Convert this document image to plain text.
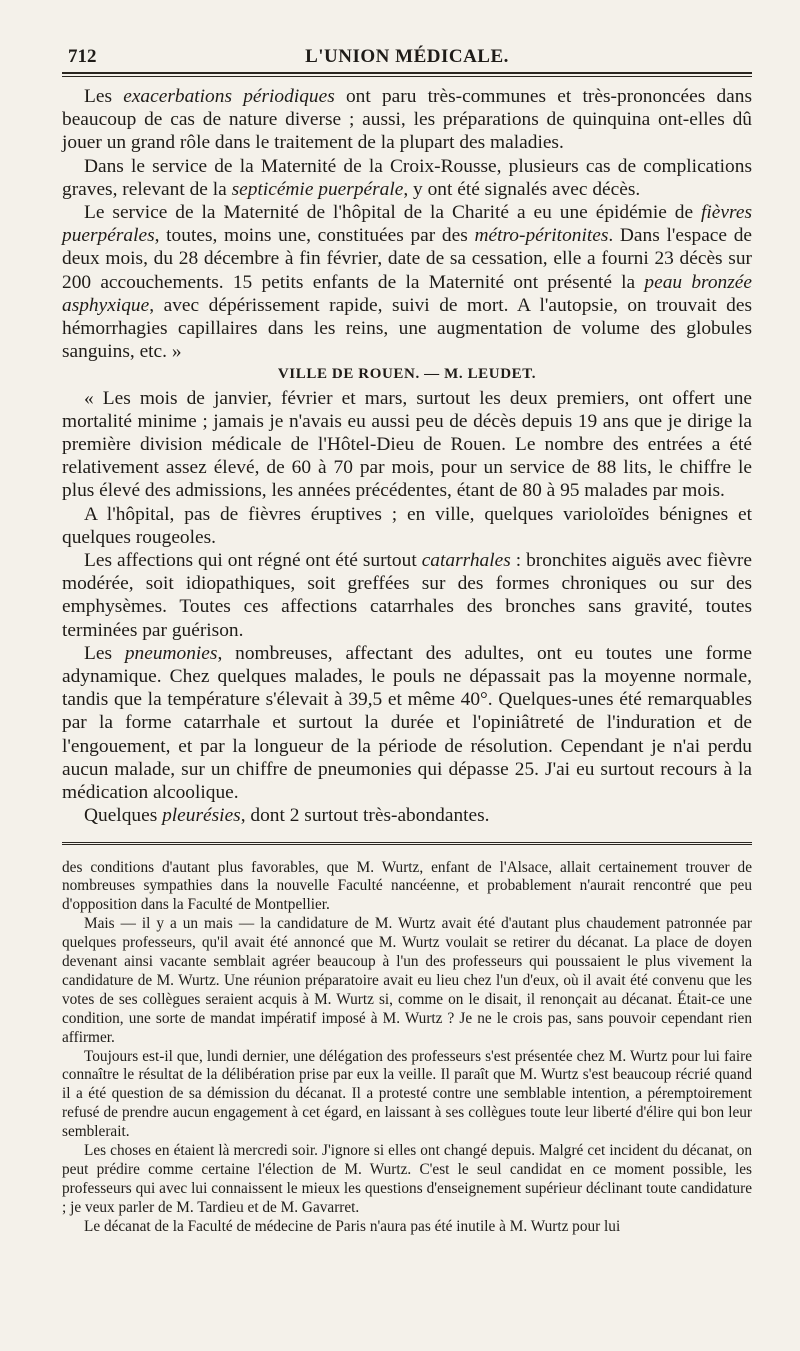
712	L'UNION MÉDICALE.

Les exacerbations périodiques ont paru très-communes et très-prononcées dans beaucoup de cas de nature diverse ; aussi, les préparations de quinquina ont-elles dû jouer un grand rôle dans le traitement de la plupart des maladies.

Dans le service de la Maternité de la Croix-Rousse, plusieurs cas de complications graves, relevant de la septicémie puerpérale, y ont été signalés avec décès.

Le service de la Maternité de l'hôpital de la Charité a eu une épidémie de fièvres puerpérales, toutes, moins une, constituées par des métro-péritonites. Dans l'espace de deux mois, du 28 décembre à fin février, date de sa cessation, elle a fourni 23 décès sur 200 accouchements. 15 petits enfants de la Maternité ont présenté la peau bronzée asphyxique, avec dépérissement rapide, suivi de mort. A l'autopsie, on trouvait des hémorrhagies capillaires dans les reins, une augmentation de volume des globules sanguins, etc. »

VILLE DE ROUEN. — M. LEUDET.

« Les mois de janvier, février et mars, surtout les deux premiers, ont offert une mortalité minime ; jamais je n'avais eu aussi peu de décès depuis 19 ans que je dirige la première division médicale de l'Hôtel-Dieu de Rouen. Le nombre des entrées a été relativement assez élevé, de 60 à 70 par mois, pour un service de 88 lits, le chiffre le plus élevé des admissions, les années précédentes, étant de 80 à 95 malades par mois.

A l'hôpital, pas de fièvres éruptives ; en ville, quelques varioloïdes bénignes et quelques rougeoles.

Les affections qui ont régné ont été surtout catarrhales : bronchites aiguës avec fièvre modérée, soit idiopathiques, soit greffées sur des formes chroniques ou sur des emphysèmes. Toutes ces affections catarrhales des bronches sans gravité, toutes terminées par guérison.

Les pneumonies, nombreuses, affectant des adultes, ont eu toutes une forme adynamique. Chez quelques malades, le pouls ne dépassait pas la moyenne normale, tandis que la température s'élevait à 39,5 et même 40°. Quelques-unes été remarquables par la forme catarrhale et surtout la durée et l'opiniâtreté de l'induration et de l'engouement, et par la longueur de la période de résolution. Cependant je n'ai perdu aucun malade, sur un chiffre de pneumonies qui dépasse 25. J'ai eu surtout recours à la médication alcoolique.

Quelques pleurésies, dont 2 surtout très-abondantes.

des conditions d'autant plus favorables, que M. Wurtz, enfant de l'Alsace, allait certainement trouver de nombreuses sympathies dans la nouvelle Faculté nancéenne, et probablement n'aurait rencontré que peu d'opposition dans la Faculté de Montpellier.

Mais — il y a un mais — la candidature de M. Wurtz avait été d'autant plus chaudement patronnée par quelques professeurs, qu'il avait été annoncé que M. Wurtz voulait se retirer du décanat. La place de doyen devenant ainsi vacante semblait agréer beaucoup à l'un des professeurs qui poussaient le plus vivement la candidature de M. Wurtz. Une réunion préparatoire avait eu lieu chez l'un d'eux, où il avait été convenu que les votes de ses collègues seraient acquis à M. Wurtz si, comme on le disait, il renonçait au décanat. Était-ce une condition, une sorte de mandat impératif imposé à M. Wurtz ? Je ne le crois pas, sans pouvoir cependant rien affirmer.

Toujours est-il que, lundi dernier, une délégation des professeurs s'est présentée chez M. Wurtz pour lui faire connaître le résultat de la délibération prise par eux la veille. Il paraît que M. Wurtz s'est beaucoup récrié quand il a été question de sa démission du décanat. Il a protesté contre une semblable intention, a péremptoirement refusé de prendre aucun engagement à cet égard, en laissant à ses collègues toute leur liberté d'élire qui bon leur semblerait.

Les choses en étaient là mercredi soir. J'ignore si elles ont changé depuis. Malgré cet incident du décanat, on peut prédire comme certaine l'élection de M. Wurtz. C'est le seul candidat en ce moment possible, les professeurs qui avec lui connaissent le mieux les questions d'enseignement supérieur déclinant toute candidature ; je veux parler de M. Tardieu et de M. Gavarret.

Le décanat de la Faculté de médecine de Paris n'aura pas été inutile à M. Wurtz pour lui
